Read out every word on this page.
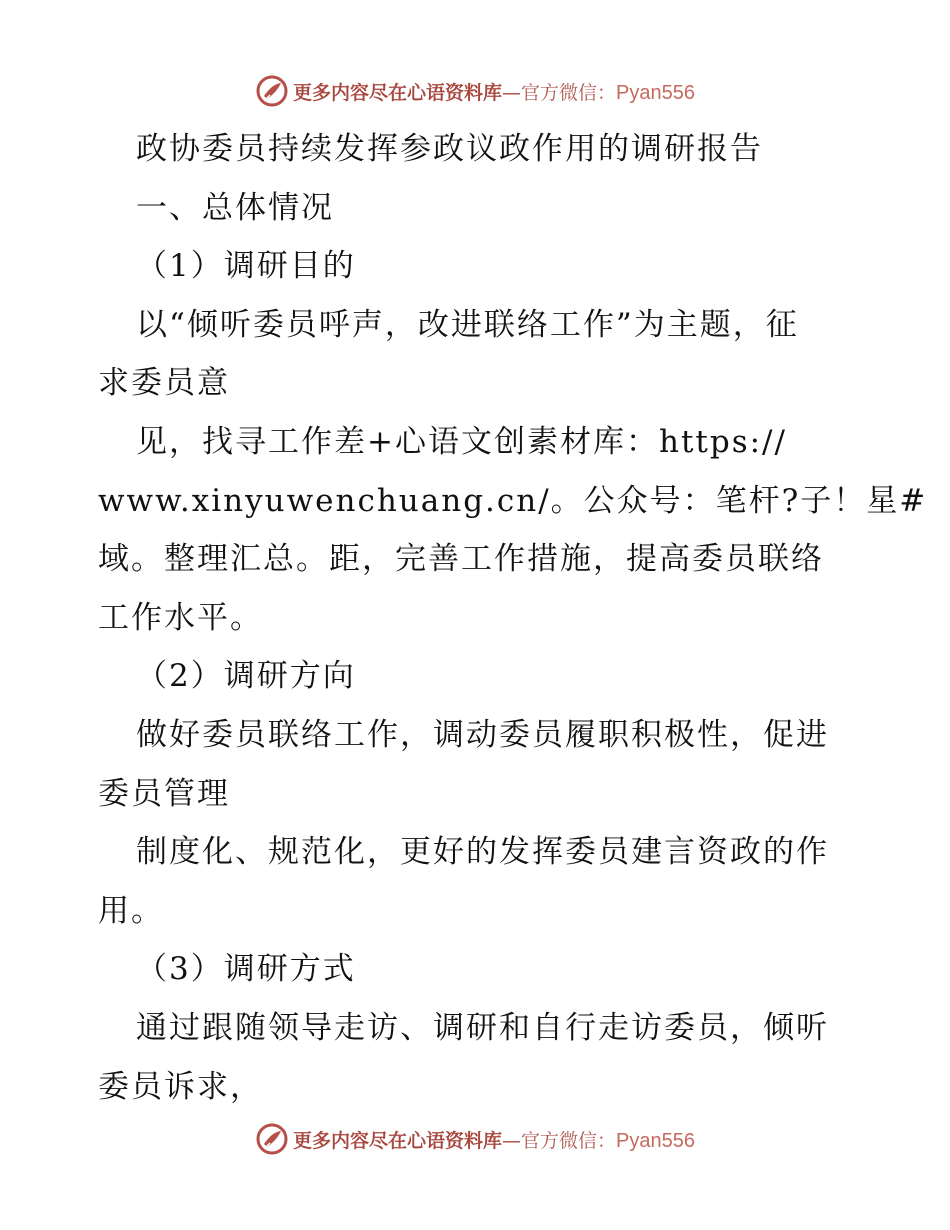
更多内容尽在心语资料库—官方微信：Pyan556
政协委员持续发挥参政议政作用的调研报告
一、总体情况
（1）调研目的
以“倾听委员呼声，改进联络工作”为主题，征
求委员意
见，找寻工作差+心语文创素材库：https://
www.xinyuwenchuang.cn/。公众号：笔杆?子！星#
域。整理汇总。距，完善工作措施，提高委员联络
工作水平。
（2）调研方向
做好委员联络工作，调动委员履职积极性，促进
委员管理
制度化、规范化，更好的发挥委员建言资政的作
用。
（3）调研方式
通过跟随领导走访、调研和自行走访委员，倾听
委员诉求，
更多内容尽在心语资料库—官方微信：Pyan556
